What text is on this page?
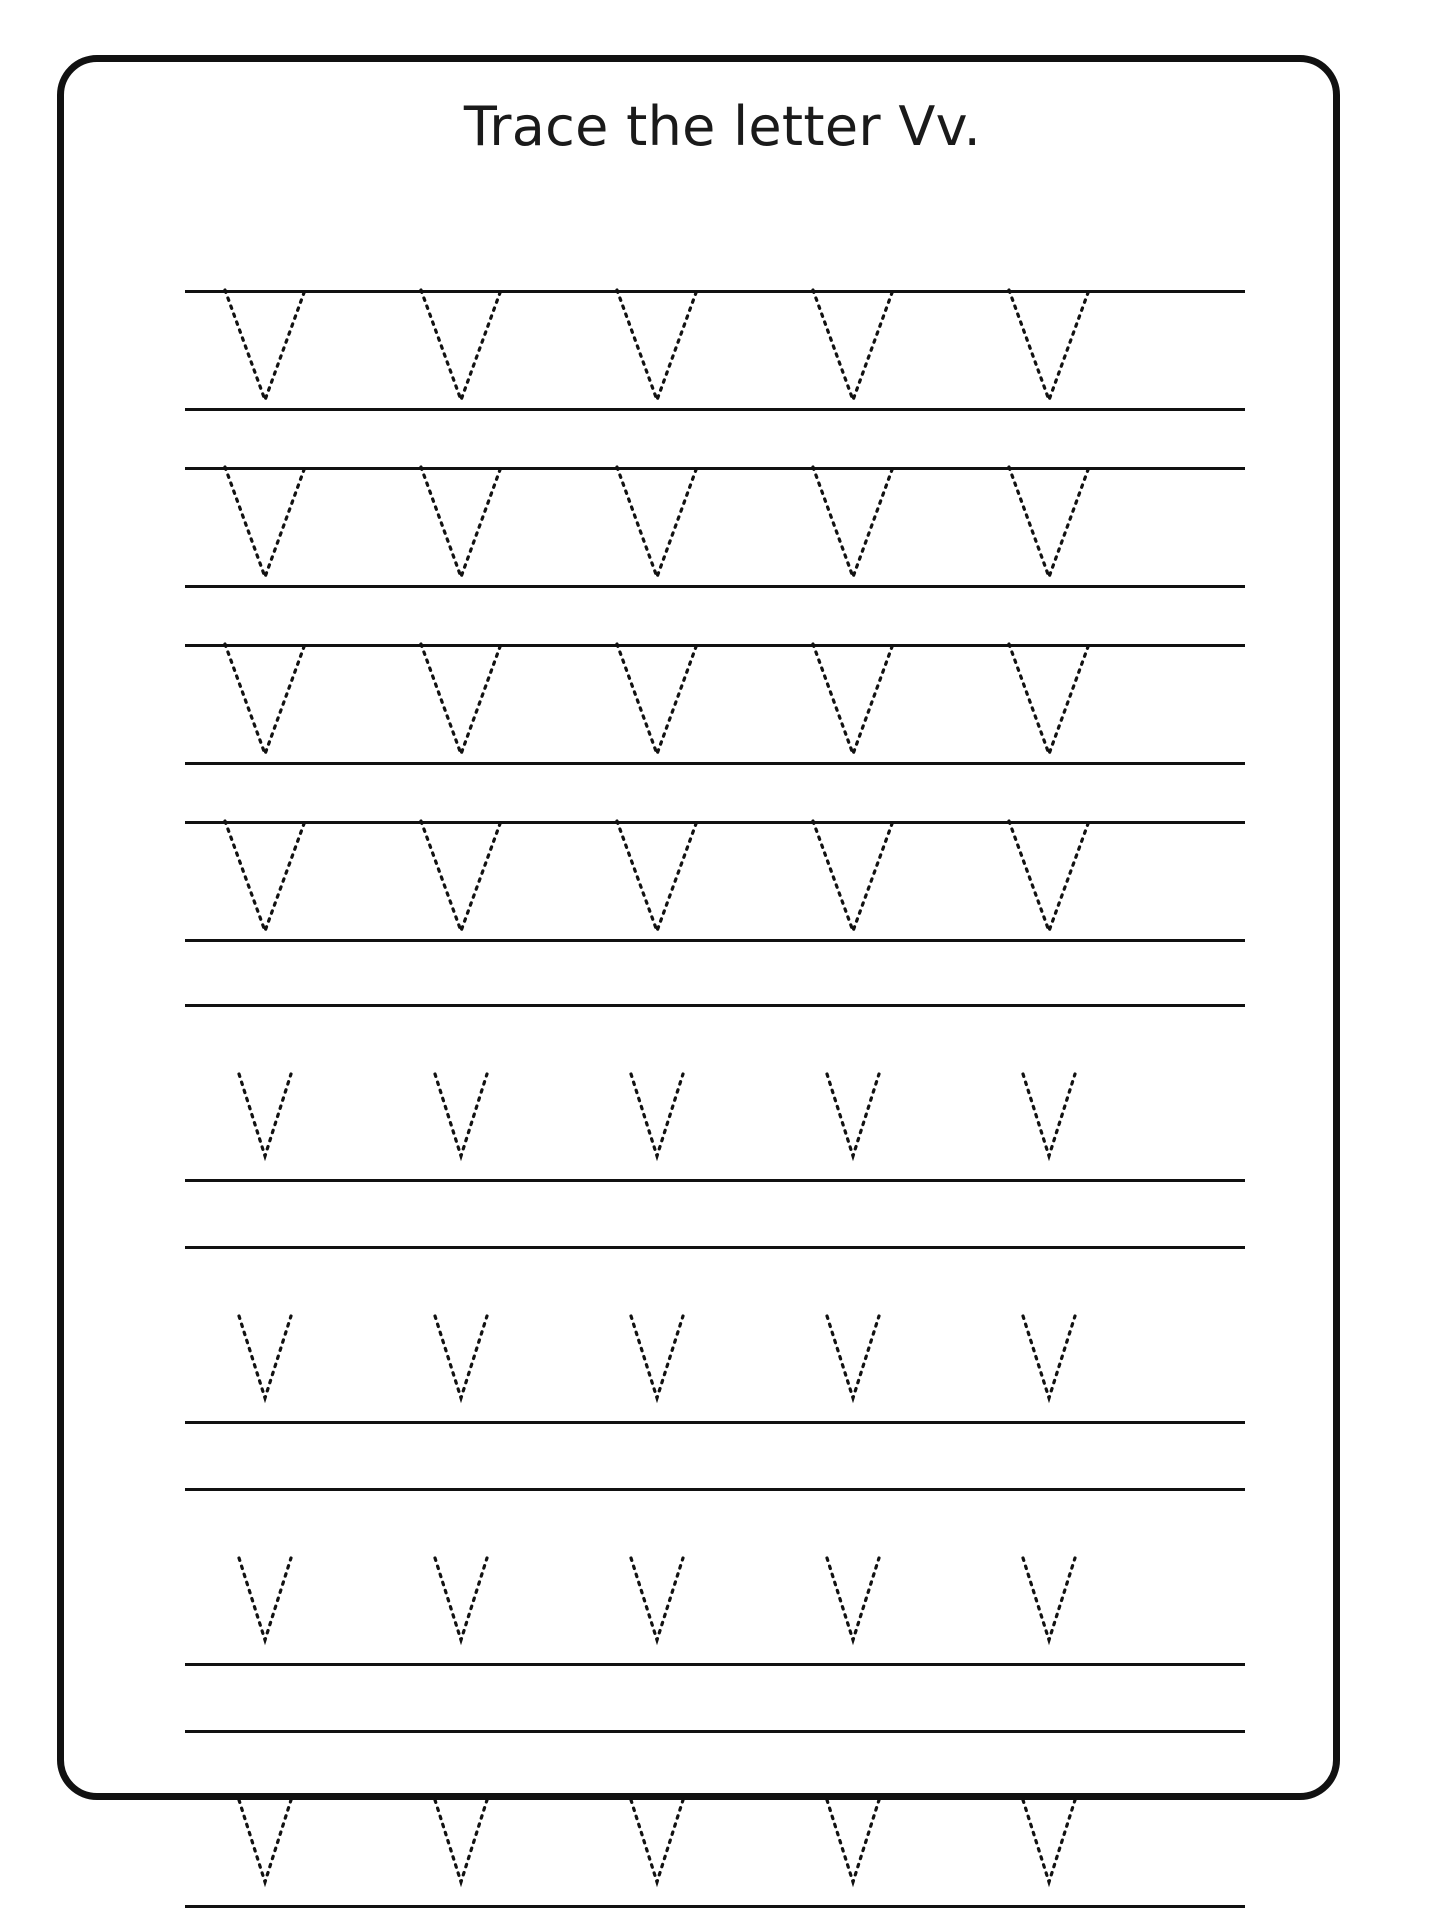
Trace the letter Vv.
